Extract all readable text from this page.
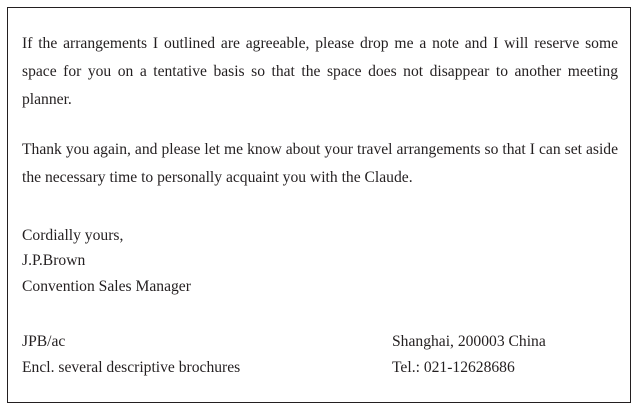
If the arrangements I outlined are agreeable, please drop me a note and I will reserve some space for you on a tentative basis so that the space does not disappear to another meeting planner.

Thank you again, and please let me know about your travel arrangements so that I can set aside the necessary time to personally acquaint you with the Claude.

Cordially yours,

J.P.Brown

Convention Sales Manager

JPB/ac

Encl. several descriptive brochures

Shanghai, 200003 China

Tel.: 021-12628686
